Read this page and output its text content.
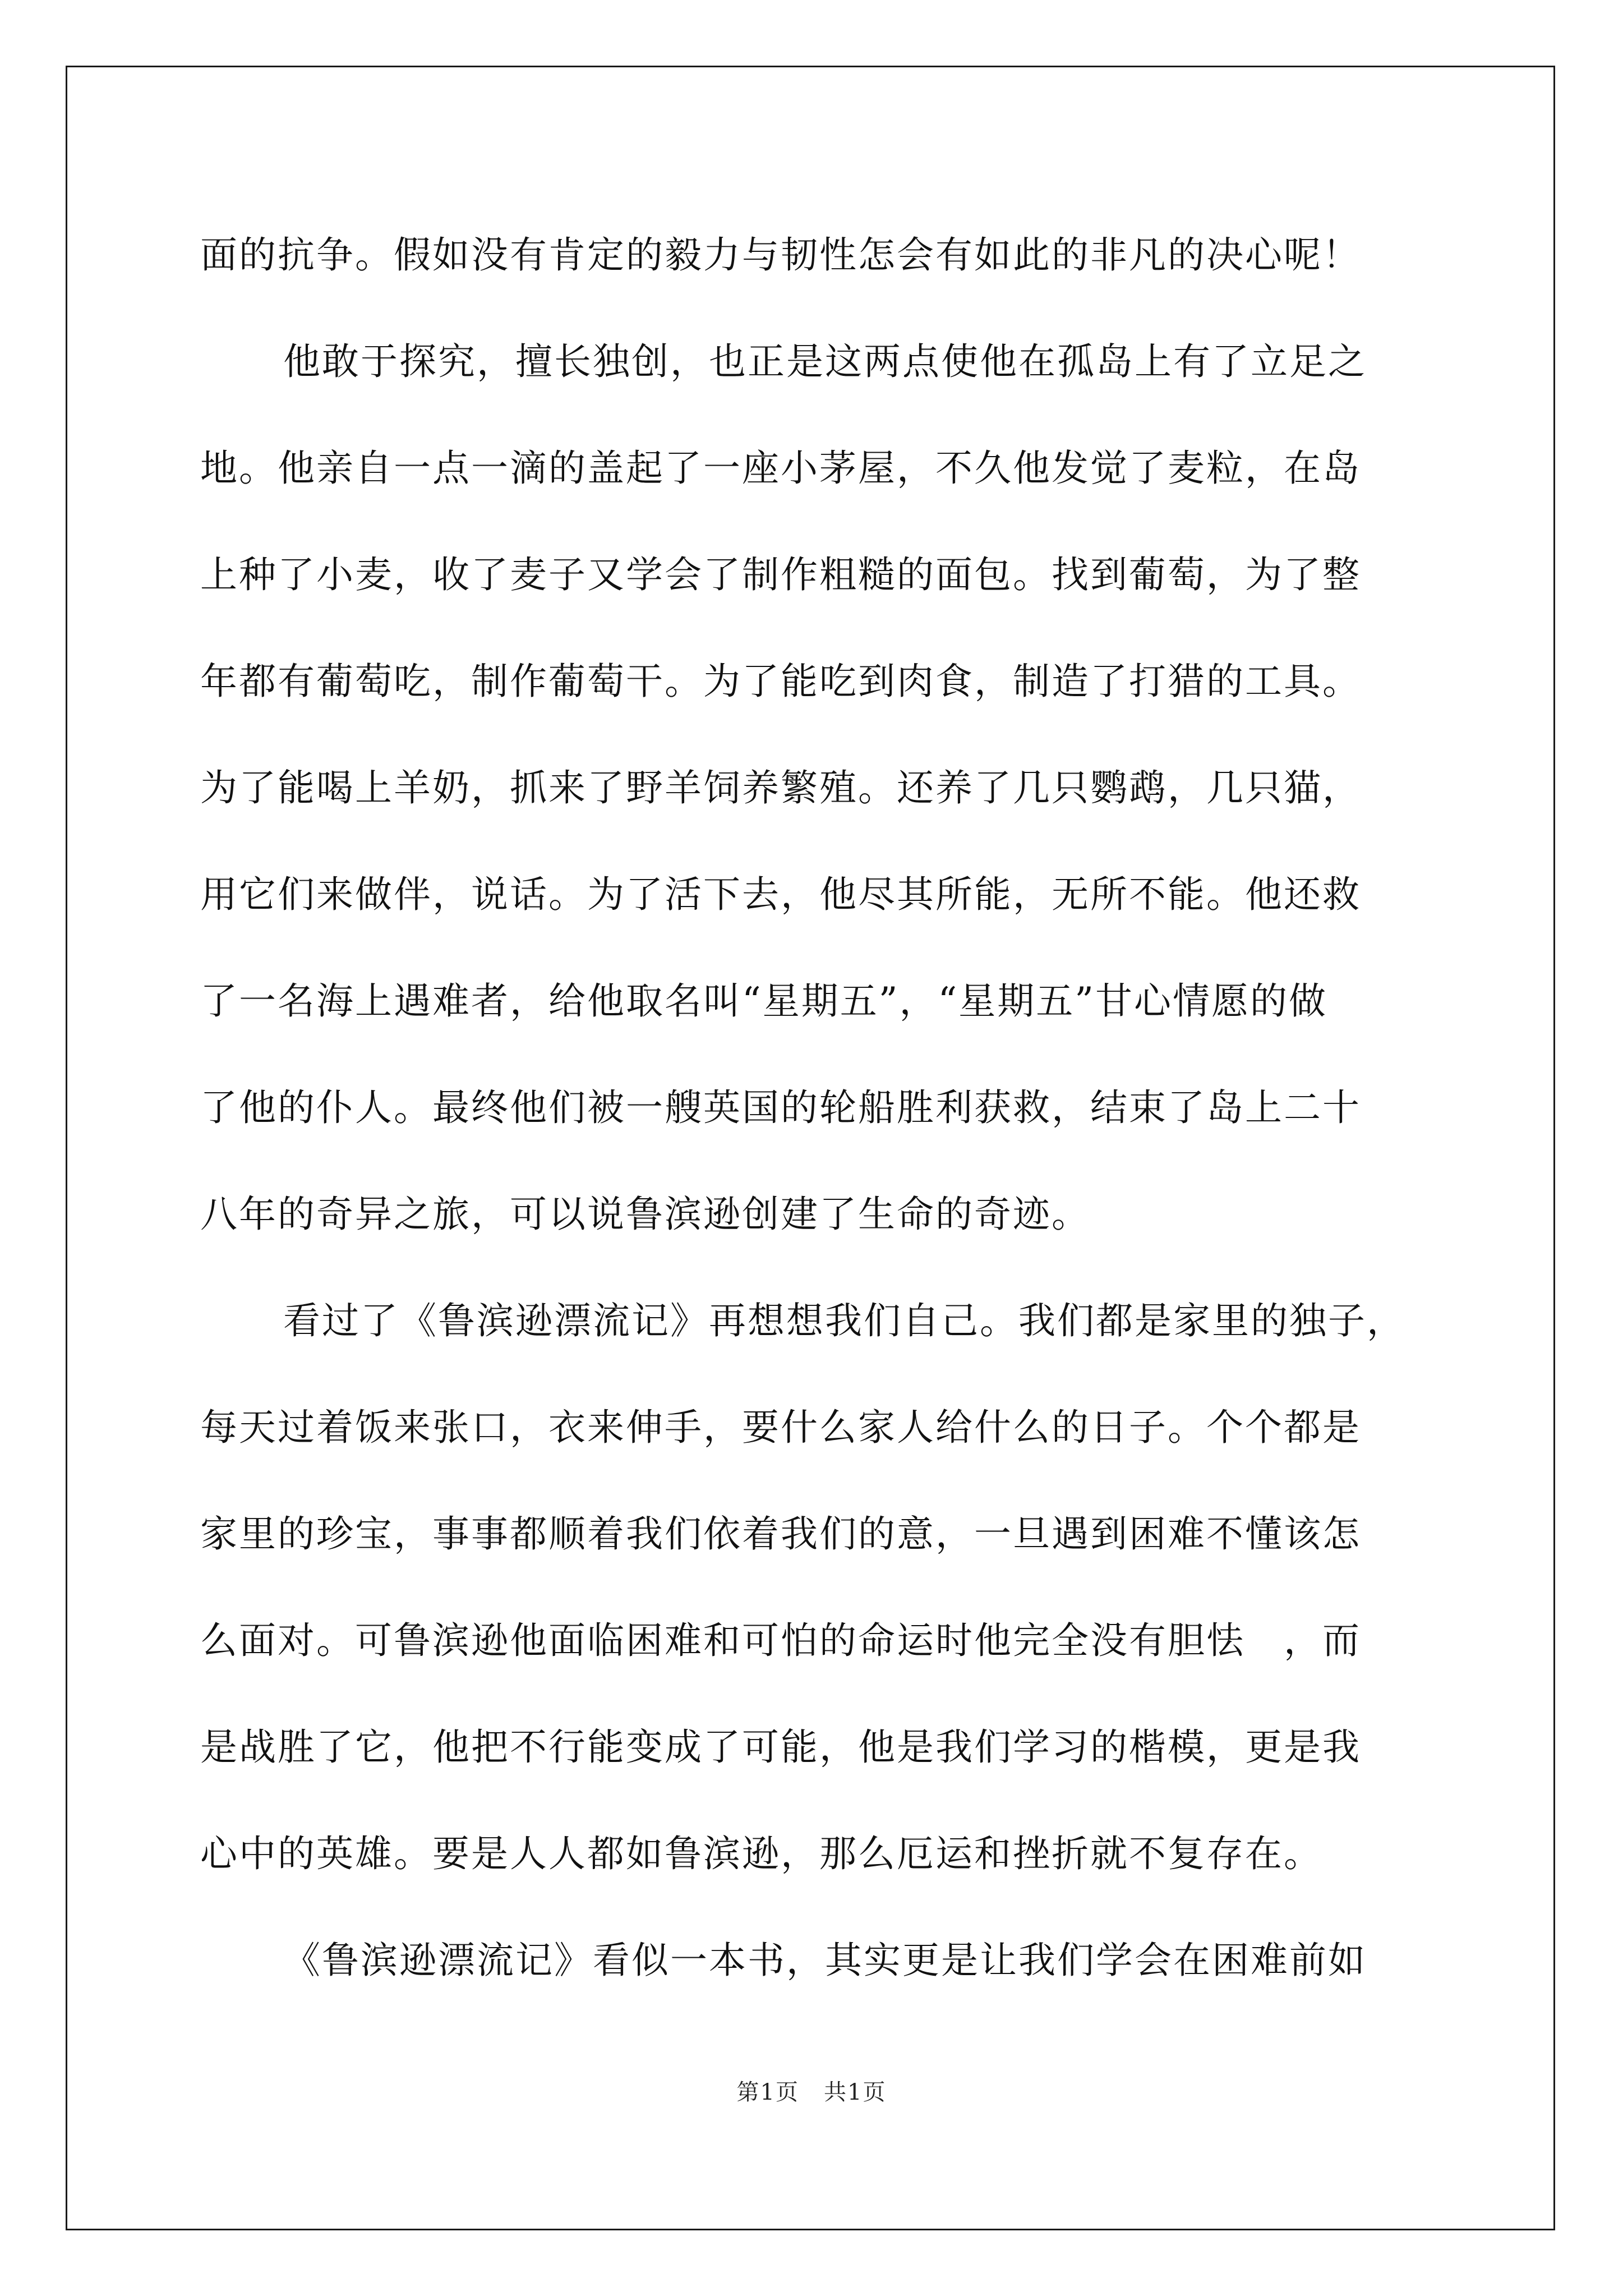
面的抗争。假如没有肯定的毅力与韧性怎会有如此的非凡的决心呢！
他敢于探究，擅长独创，也正是这两点使他在孤岛上有了立足之
地。他亲自一点一滴的盖起了一座小茅屋，不久他发觉了麦粒，在岛
上种了小麦，收了麦子又学会了制作粗糙的面包。找到葡萄，为了整
年都有葡萄吃，制作葡萄干。为了能吃到肉食，制造了打猎的工具。
为了能喝上羊奶，抓来了野羊饲养繁殖。还养了几只鹦鹉，几只猫，
用它们来做伴，说话。为了活下去，他尽其所能，无所不能。他还救
了一名海上遇难者，给他取名叫“星期五”，“星期五”甘心情愿的做
了他的仆人。最终他们被一艘英国的轮船胜利获救，结束了岛上二十
八年的奇异之旅，可以说鲁滨逊创建了生命的奇迹。
看过了《鲁滨逊漂流记》再想想我们自己。我们都是家里的独子，
每天过着饭来张口，衣来伸手，要什么家人给什么的日子。个个都是
家里的珍宝，事事都顺着我们依着我们的意，一旦遇到困难不懂该怎
么面对。可鲁滨逊他面临困难和可怕的命运时他完全没有胆怯　，而
是战胜了它，他把不行能变成了可能，他是我们学习的楷模，更是我
心中的英雄。要是人人都如鲁滨逊，那么厄运和挫折就不复存在。
《鲁滨逊漂流记》看似一本书，其实更是让我们学会在困难前如
第1页 共1页
